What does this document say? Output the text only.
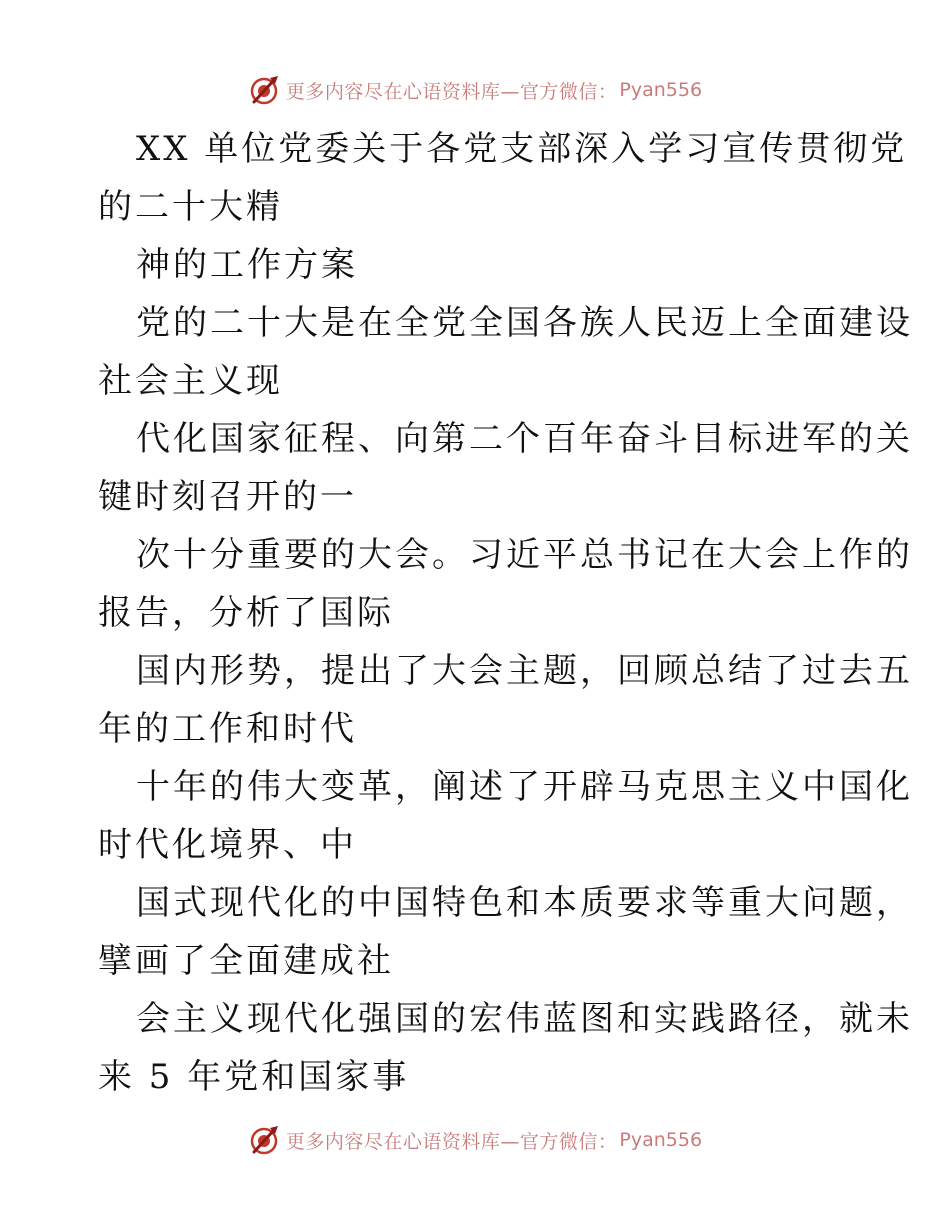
更多内容尽在心语资料库—官方微信： Pyan556
XX 单位党委关于各党支部深入学习宣传贯彻党
的二十大精
神的工作方案
党的二十大是在全党全国各族人民迈上全面建设
社会主义现
代化国家征程、向第二个百年奋斗目标进军的关
键时刻召开的一
次十分重要的大会。习近平总书记在大会上作的
报告，分析了国际
国内形势，提出了大会主题，回顾总结了过去五
年的工作和时代
十年的伟大变革，阐述了开辟马克思主义中国化
时代化境界、中
国式现代化的中国特色和本质要求等重大问题，
擘画了全面建成社
会主义现代化强国的宏伟蓝图和实践路径，就未
来 5 年党和国家事
更多内容尽在心语资料库—官方微信： Pyan556
